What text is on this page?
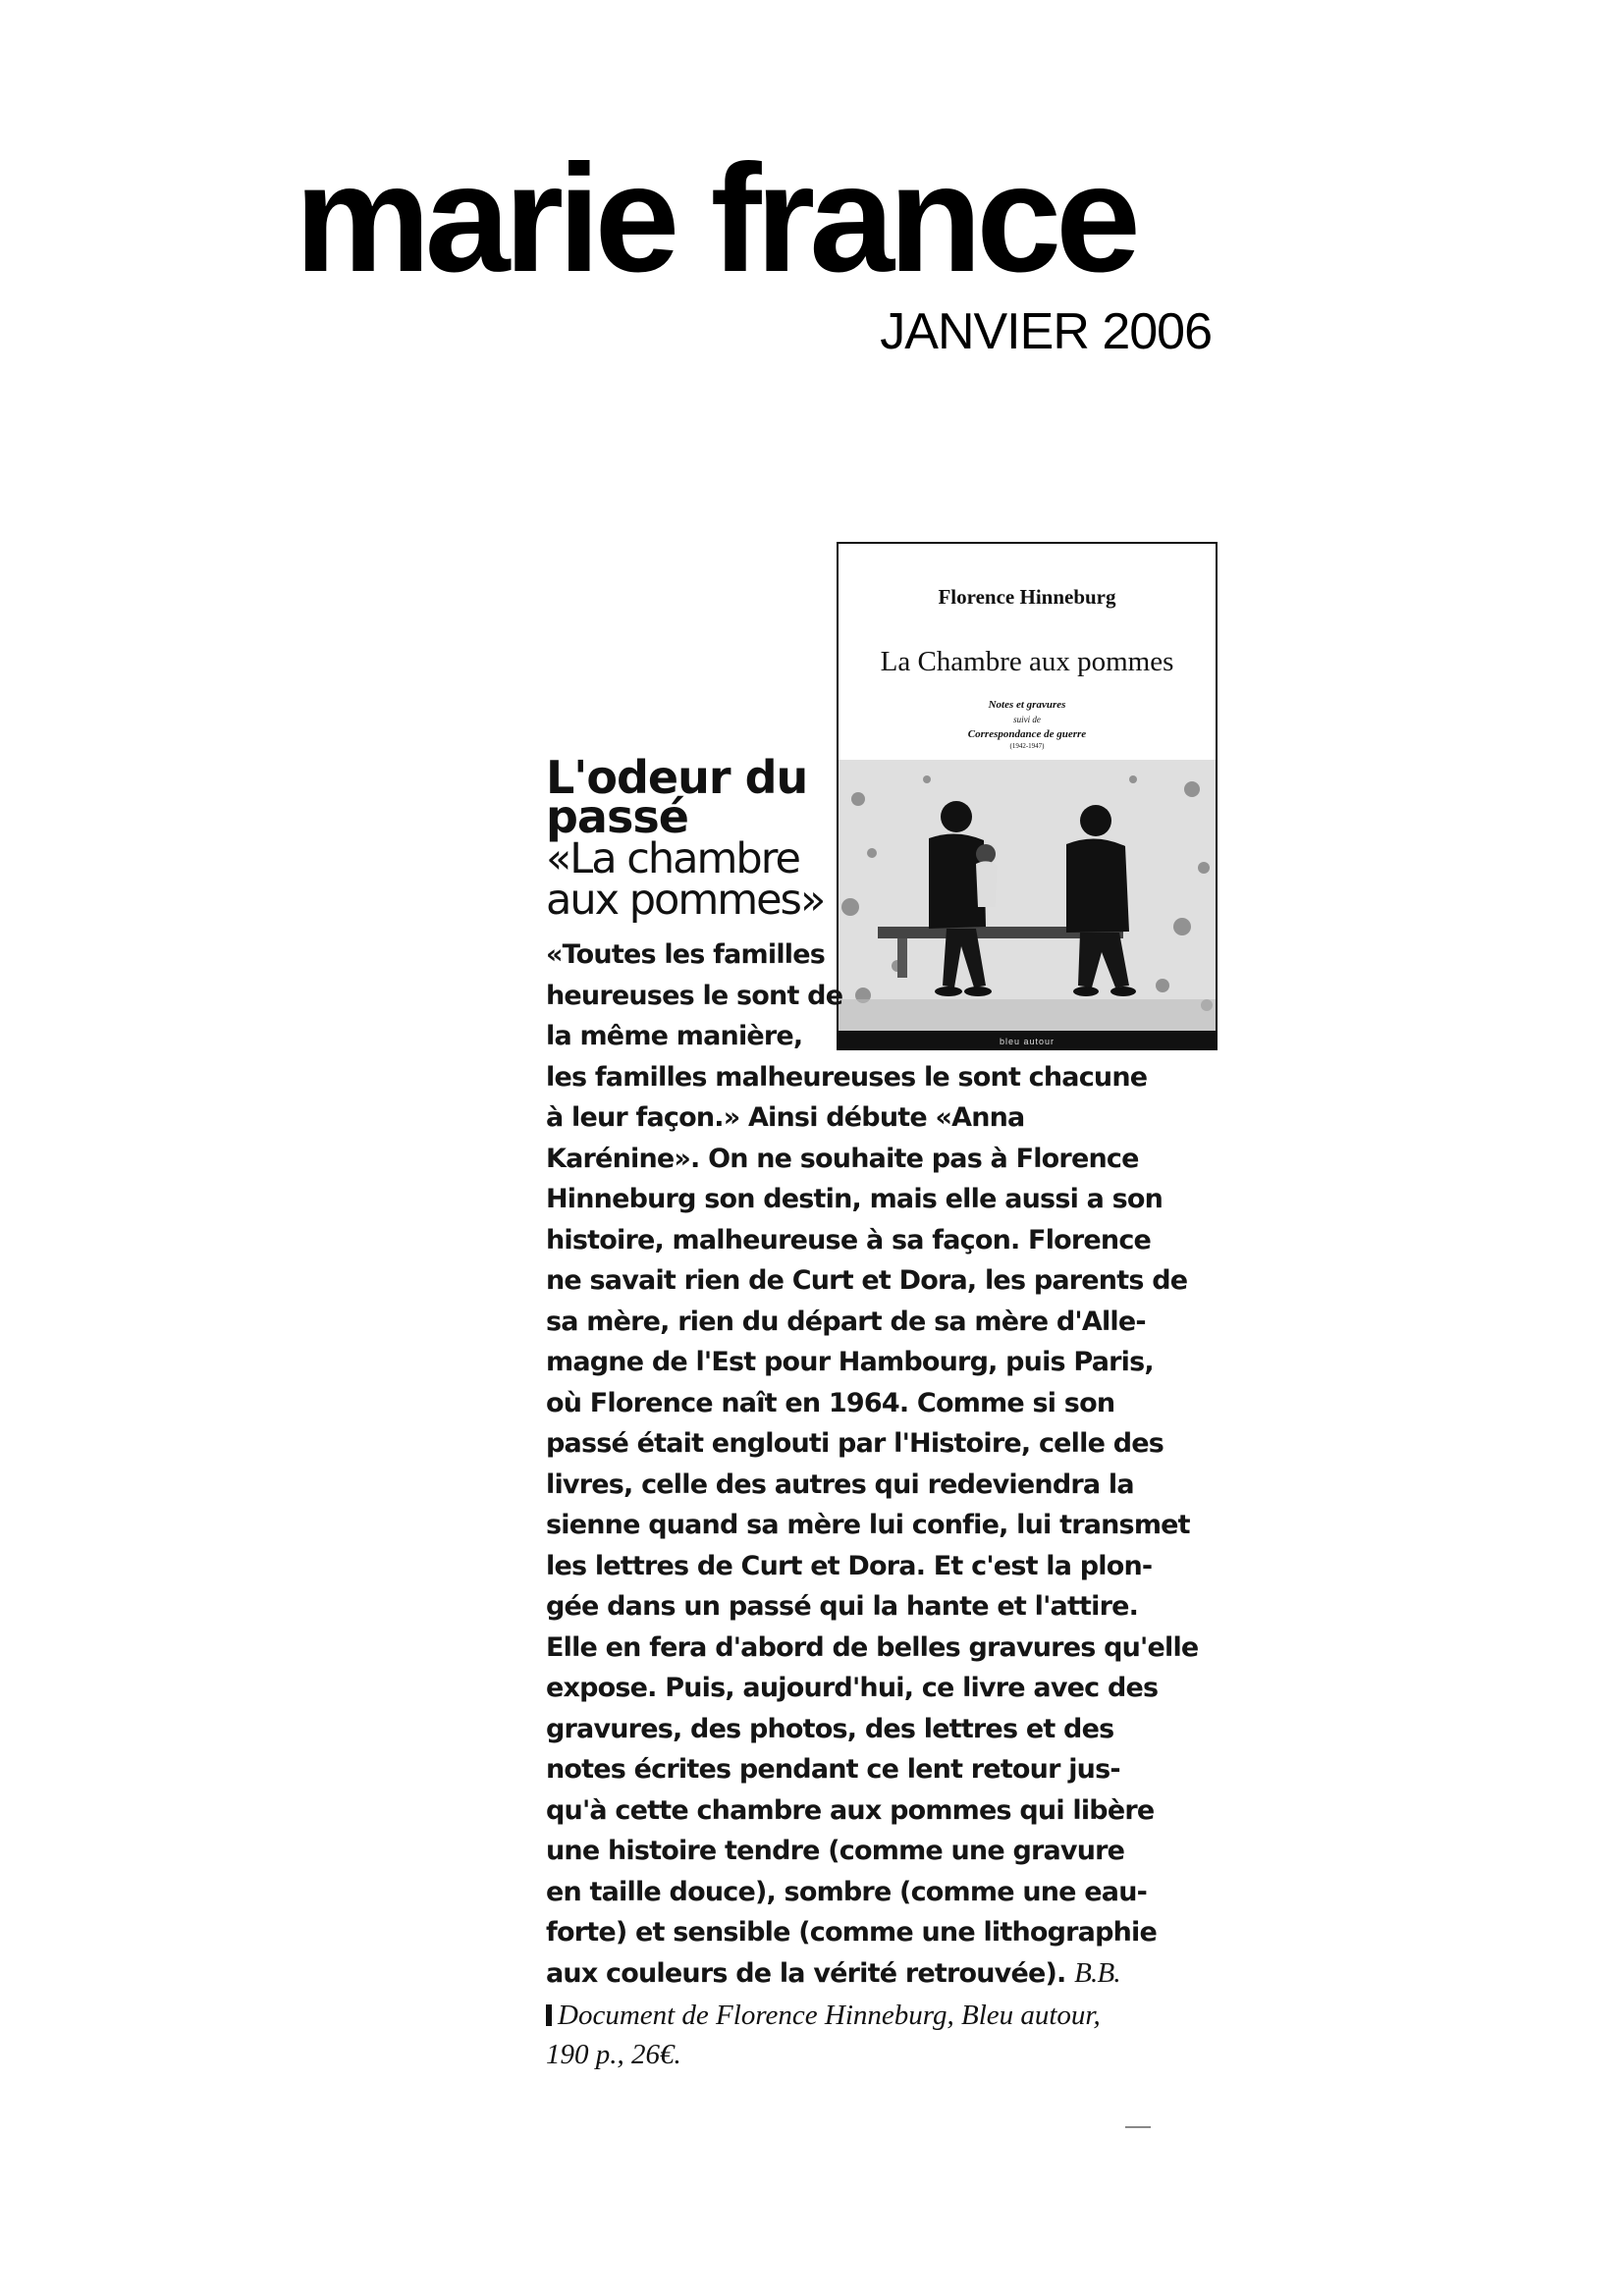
marie france
JANVIER 2006
Florence Hinneburg
La Chambre aux pommes
Notes et gravures
suivi de
Correspondance de guerre
(1942-1947)
bleu autour
L'odeur du passé
«La chambre aux pommes»
«Toutes les familles
heureuses le sont de
la même manière,
les familles malheureuses le sont chacune
à leur façon.» Ainsi débute «Anna
Karénine». On ne souhaite pas à Florence
Hinneburg son destin, mais elle aussi a son
histoire, malheureuse à sa façon. Florence
ne savait rien de Curt et Dora, les parents de
sa mère, rien du départ de sa mère d'Alle-
magne de l'Est pour Hambourg, puis Paris,
où Florence naît en 1964. Comme si son
passé était englouti par l'Histoire, celle des
livres, celle des autres qui redeviendra la
sienne quand sa mère lui confie, lui transmet
les lettres de Curt et Dora. Et c'est la plon-
gée dans un passé qui la hante et l'attire.
Elle en fera d'abord de belles gravures qu'elle
expose. Puis, aujourd'hui, ce livre avec des
gravures, des photos, des lettres et des
notes écrites pendant ce lent retour jus-
qu'à cette chambre aux pommes qui libère
une histoire tendre (comme une gravure
en taille douce), sombre (comme une eau-
forte) et sensible (comme une lithographie
aux couleurs de la vérité retrouvée). B.B.
Document de Florence Hinneburg, Bleu autour,
190 p., 26€.
